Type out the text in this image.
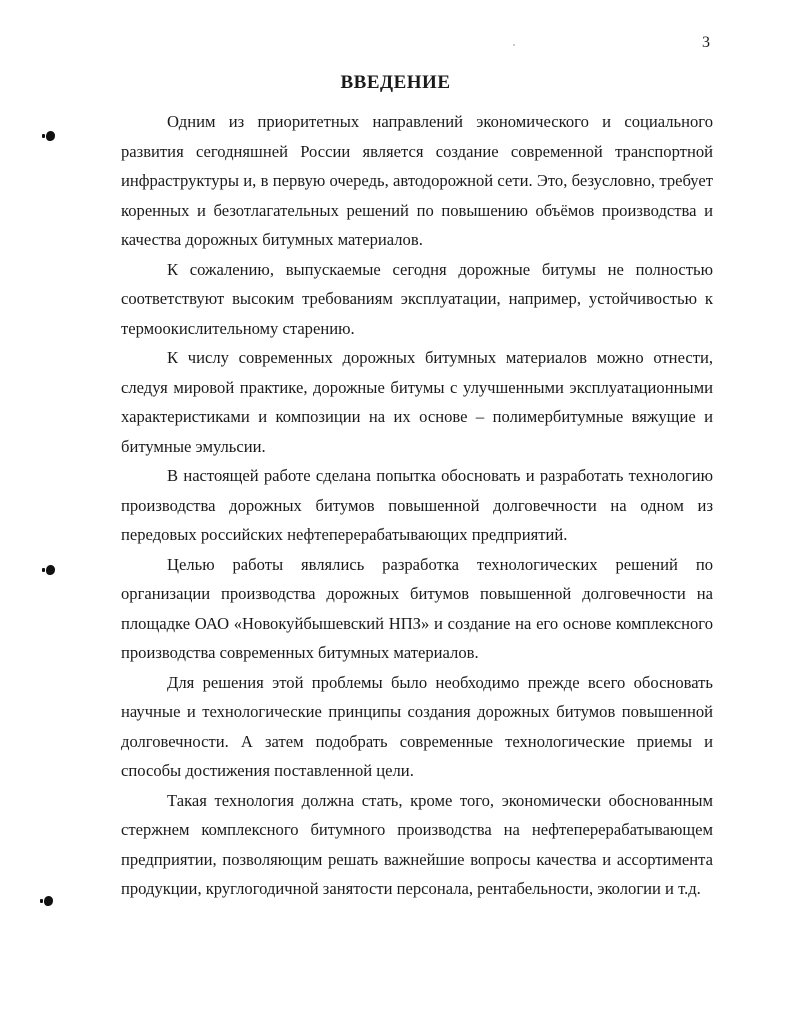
3
ВВЕДЕНИЕ

Одним из приоритетных направлений экономического и социального развития сегодняшней России является создание современной транспортной инфраструктуры и, в первую очередь, автодорожной сети. Это, безусловно, требует коренных и безотлагательных решений по повышению объёмов производства и качества дорожных битумных материалов.

К сожалению, выпускаемые сегодня дорожные битумы не полностью соответствуют высоким требованиям эксплуатации, например, устойчивостью к термоокислительному старению.

К числу современных дорожных битумных материалов можно отнести, следуя мировой практике, дорожные битумы с улучшенными эксплуатационными характеристиками и композиции на их основе – полимербитумные вяжущие и битумные эмульсии.

В настоящей работе сделана попытка обосновать и разработать технологию производства дорожных битумов повышенной долговечности на одном из передовых российских нефтеперерабатывающих предприятий.

Целью работы являлись разработка технологических решений по организации производства дорожных битумов повышенной долговечности на площадке ОАО «Новокуйбышевский НПЗ» и создание на его основе комплексного производства современных битумных материалов.

Для решения этой проблемы было необходимо прежде всего обосновать научные и технологические принципы создания дорожных битумов повышенной долговечности. А затем подобрать современные технологические приемы и способы достижения поставленной цели.

Такая технология должна стать, кроме того, экономически обоснованным стержнем комплексного битумного производства на нефтеперерабатывающем предприятии, позволяющим решать важнейшие вопросы качества и ассортимента продукции, круглогодичной занятости персонала, рентабельности, экологии и т.д.
